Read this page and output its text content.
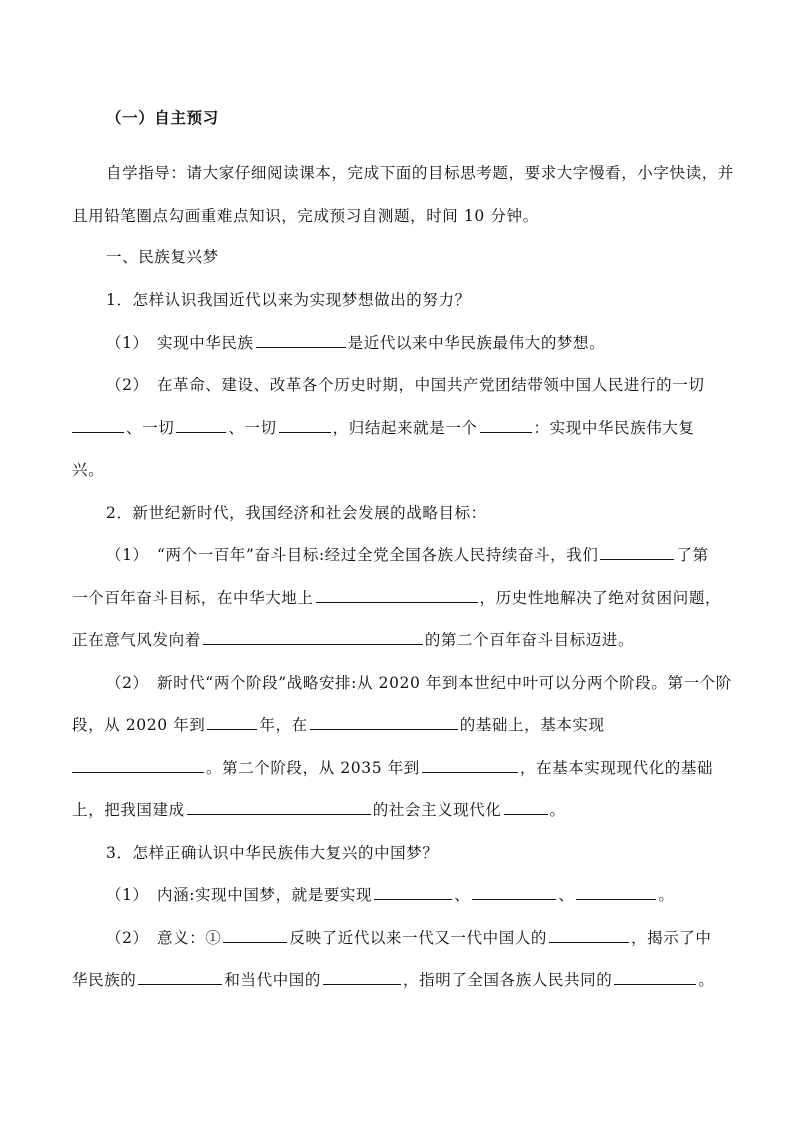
（一）自主预习
自学指导：请大家仔细阅读课本，完成下面的目标思考题，要求大字慢看，小字快读，并
且用铅笔圈点勾画重难点知识，完成预习自测题，时间 10 分钟。
一、民族复兴梦
1．怎样认识我国近代以来为实现梦想做出的努力？
（1）　实现中华民族	是近代以来中华民族最伟大的梦想。
（2）　在革命、建设、改革各个历史时期，中国共产党团结带领中国人民进行的一切
、一切	、一切	，归结起来就是一个	：实现中华民族伟大复
兴。
2．新世纪新时代，我国经济和社会发展的战略目标：
（1）　“两个一百年”奋斗目标:经过全党全国各族人民持续奋斗，我们	了第
一个百年奋斗目标，在中华大地上	，历史性地解决了绝对贫困问题，
正在意气风发向着	的第二个百年奋斗目标迈进。
（2）　新时代“两个阶段”战略安排:从 2020 年到本世纪中叶可以分两个阶段。第一个阶
段，从 2020 年到	年，在	的基础上，基本实现
。第二个阶段，从 2035 年到	，在基本实现现代化的基础
上，把我国建成	的社会主义现代化	。
3．怎样正确认识中华民族伟大复兴的中国梦？
（1）　内涵:实现中国梦，就是要实现	、	、	。
（2）　意义：①	反映了近代以来一代又一代中国人的	，揭示了中
华民族的	和当代中国的	，指明了全国各族人民共同的	。
